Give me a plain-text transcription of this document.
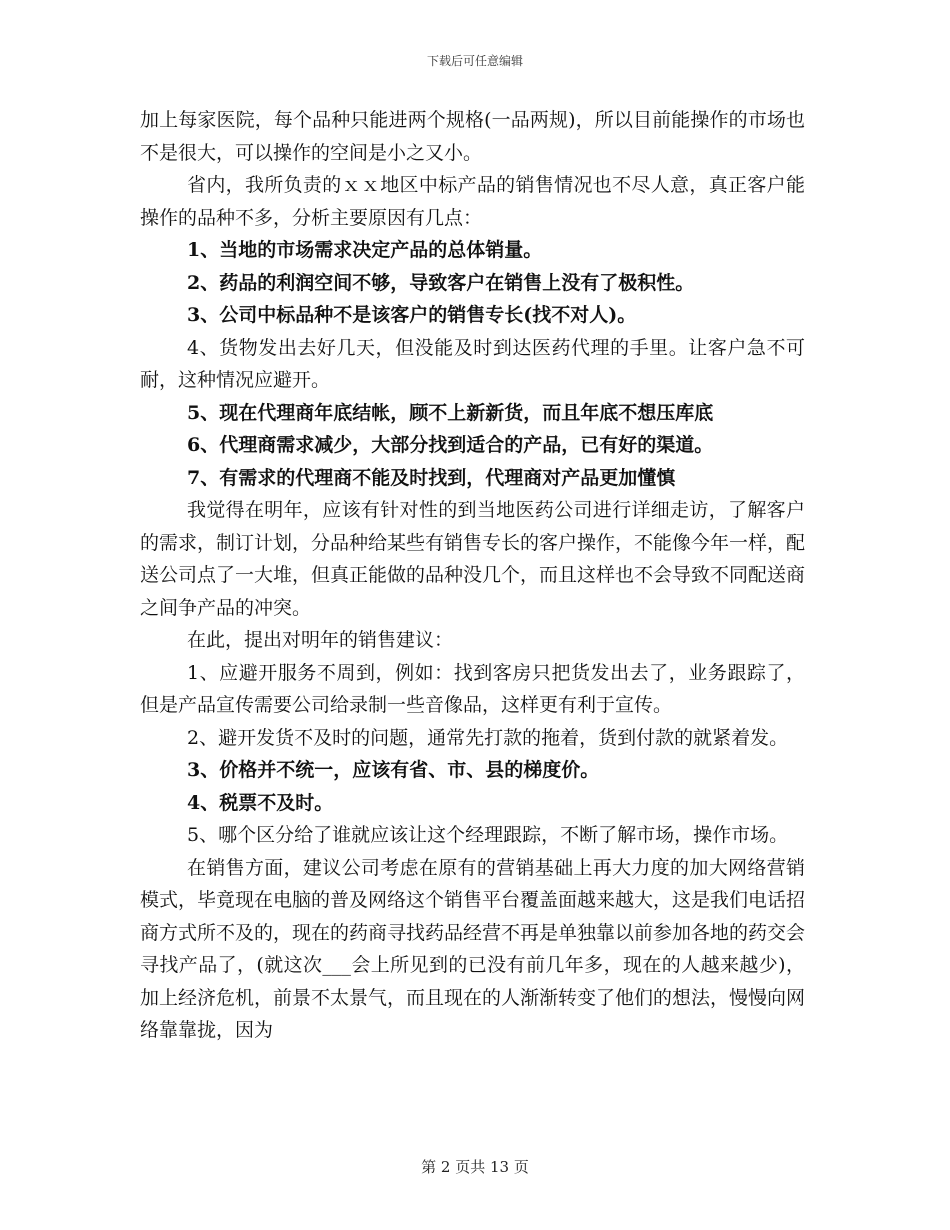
下载后可任意编辑

加上每家医院，每个品种只能进两个规格(一品两规)，所以目前能操作的市场也不是很大，可以操作的空间是小之又小。

省内，我所负责的ｘｘ地区中标产品的销售情况也不尽人意，真正客户能操作的品种不多，分析主要原因有几点：

1、当地的市场需求决定产品的总体销量。

2、药品的利润空间不够，导致客户在销售上没有了极积性。

3、公司中标品种不是该客户的销售专长(找不对人)。

4、货物发出去好几天，但没能及时到达医药代理的手里。让客户急不可耐，这种情况应避开。

5、现在代理商年底结帐，顾不上新新货，而且年底不想压库底

6、代理商需求减少，大部分找到适合的产品，已有好的渠道。

7、有需求的代理商不能及时找到，代理商对产品更加懂慎

我觉得在明年，应该有针对性的到当地医药公司进行详细走访，了解客户的需求，制订计划，分品种给某些有销售专长的客户操作，不能像今年一样，配送公司点了一大堆，但真正能做的品种没几个，而且这样也不会导致不同配送商之间争产品的冲突。

在此，提出对明年的销售建议：

1、应避开服务不周到，例如：找到客房只把货发出去了，业务跟踪了，但是产品宣传需要公司给录制一些音像品，这样更有利于宣传。

2、避开发货不及时的问题，通常先打款的拖着，货到付款的就紧着发。

3、价格并不统一，应该有省、市、县的梯度价。

4、税票不及时。

5、哪个区分给了谁就应该让这个经理跟踪，不断了解市场，操作市场。

在销售方面，建议公司考虑在原有的营销基础上再大力度的加大网络营销模式，毕竟现在电脑的普及网络这个销售平台覆盖面越来越大，这是我们电话招商方式所不及的，现在的药商寻找药品经营不再是单独靠以前参加各地的药交会寻找产品了，(就这次___会上所见到的已没有前几年多，现在的人越来越少)，加上经济危机，前景不太景气，而且现在的人渐渐转变了他们的想法，慢慢向网络靠靠拢，因为

第 2 页共 13 页
